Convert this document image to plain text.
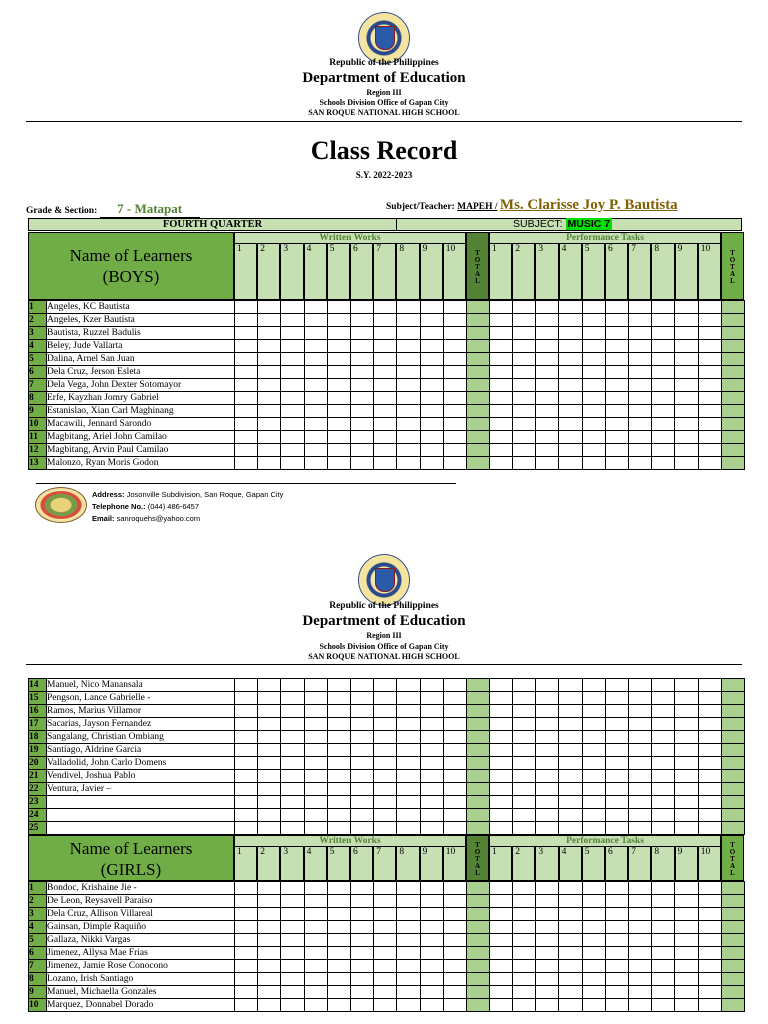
Republic of the Philippines
Department of Education
Region III
Schools Division Office of Gapan City
SAN ROQUE NATIONAL HIGH SCHOOL
Class Record
S.Y. 2022-2023
Grade & Section: 7 - Matapat	Subject/Teacher: MAPEH / Ms. Clarisse Joy P. Bautista
FOURTH QUARTER	SUBJECT: MUSIC 7
Name of Learners
(BOYS)
Written Works
1	2	3	4	5	6	7	8	9	10	TOTAL
Performance Tasks
1	2	3	4	5	6	7	8	9	10	TOTAL
1	Angeles, KC Bautista																						
2	Angeles, Kzer Bautista																						
3	Bautista, Ruzzel Badulis																						
4	Beley, Jude Vallarta																						
5	Dalina, Arnel San Juan																						
6	Dela Cruz, Jerson Esleta																						
7	Dela Vega, John Dexter Sotomayor																						
8	Erfe, Kayzhan Jomry Gabriel																						
9	Estanislao, Xian Carl Maghinang																						
10	Macawili, Jennard Sarondo																						
11	Magbitang, Ariel John Camilao																						
12	Magbitang, Arvin Paul Camilao																						
13	Malonzo, Ryan Moris Godon																						
Address: Josonville Subdivision, San Roque, Gapan City
Telephone No.: (044) 486-6457
Email: sanroquehs@yahoo.com
Republic of the Philippines
Department of Education
Region III
Schools Division Office of Gapan City
SAN ROQUE NATIONAL HIGH SCHOOL
14	Manuel, Nico Manansala																						
15	Pengson, Lance Gabrielle -																						
16	Ramos, Marius Villamor																						
17	Sacarias, Jayson Fernandez																						
18	Sangalang, Christian Ombiang																						
19	Santiago, Aldrine Garcia																						
20	Valladolid, John Carlo Domens																						
21	Vendivel, Joshua Pablo																						
22	Ventura, Javier –																						
23																							
24																							
25																							
Name of Learners
(GIRLS)
Written Works
1	2	3	4	5	6	7	8	9	10	TOTAL	Performance Tasks
1	2	3	4	5	6	7	8	9	10	TOTAL
1	Bondoc, Krishaine Jie -																						
2	De Leon, Reysavell Paraiso																						
3	Dela Cruz, Allison Villareal																						
4	Gainsan, Dimple Raquiño																						
5	Gallaza, Nikki Vargas																						
6	Jimenez, Allysa Mae Frias																						
7	Jimenez, Jamie Rose Conocono																						
8	Lozano, Irish Santiago																						
9	Manuel, Michaella Gonzales																						
10	Marquez, Donnabel Dorado																						
